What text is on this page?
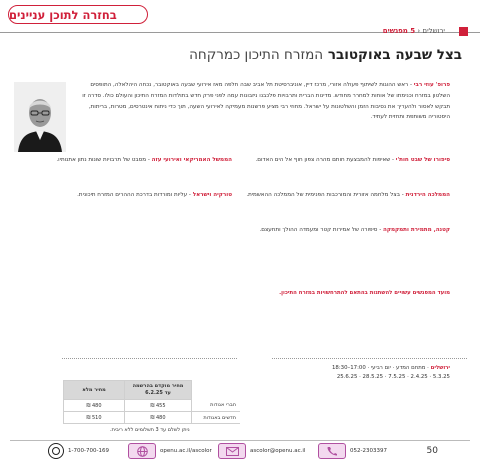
בחזרה לתוכן עניינים
ירושלים ‹ 5 מפגשים
בצל שבעה באוקטובר המזרח התיכון כמרקחה
פרופ' עוזי רבי - ראש ההוגות לשיתוף פעולה אזורי, מרכז דיין, אוניברסיטת תל אביב שבה חלפה מאז אירועי שבעה באוקטובר, נכחה היהלאלה, התופסים השלטון במזרח וכנימתו של אוחות למחרר מחודש. מדינות הברית ותרבויות פלכבנו ניזבונות עמה לפני פרק חדש בתולדות המזרח התיכון והעולם כולו. סדרה זו תבקש לאסור ולהעריך את נסיבות הזמן והשלטונות על ישראל. מחוזי רבי מציע פרשנות מעמיקה לאירועי השעה, תוך כדי ניתוח אינטרסים, מטרות, בריתות, היסטוריה משותפת ותחזית לעתיד.
סיפורו של שבט חות'י - שאיפות להמבצעת חותם מהרה צפון חוף אל הים האדום.
הממלכה הירדנית - בצל מלחמה אזורית והמורכבות הפנימית של הממלכה ההאשמית.
קטנה, מתמירת ותמקמקה - סיפורה של אמירות קטר ומעמדה ההולך ותחעצם.
הממשל האמריקאי ואירועי עזה - מסבט של תרבויות שונות נתון אתנותיו.
טורקיה וישראל - עליות ומורדות בדרכת הההרים המזרח תיכונית.
מועד המפגשים עשויים להשתנות בהתאם להתרחשויות במזרח התיכון.
ירושלים · מתחם המדע · יום רביעי · 17:00–18:30
5.3.25 · 2.4.25 · 7.5.25 · 28.5.25 · 25.6.25
	מחיר מוקדם בהרשמה עד 6.2.25	מחיר מלא
חברי אגודות	455 ₪	480 ₪
חדשים באגודות	480 ₪	510 ₪
ניתן לשלם עד 3 תשלומים ללא ריבית.
50
052-2303397
ascolor@openu.ac.il
openu.ac.il/ascolor
1-700-700-169
